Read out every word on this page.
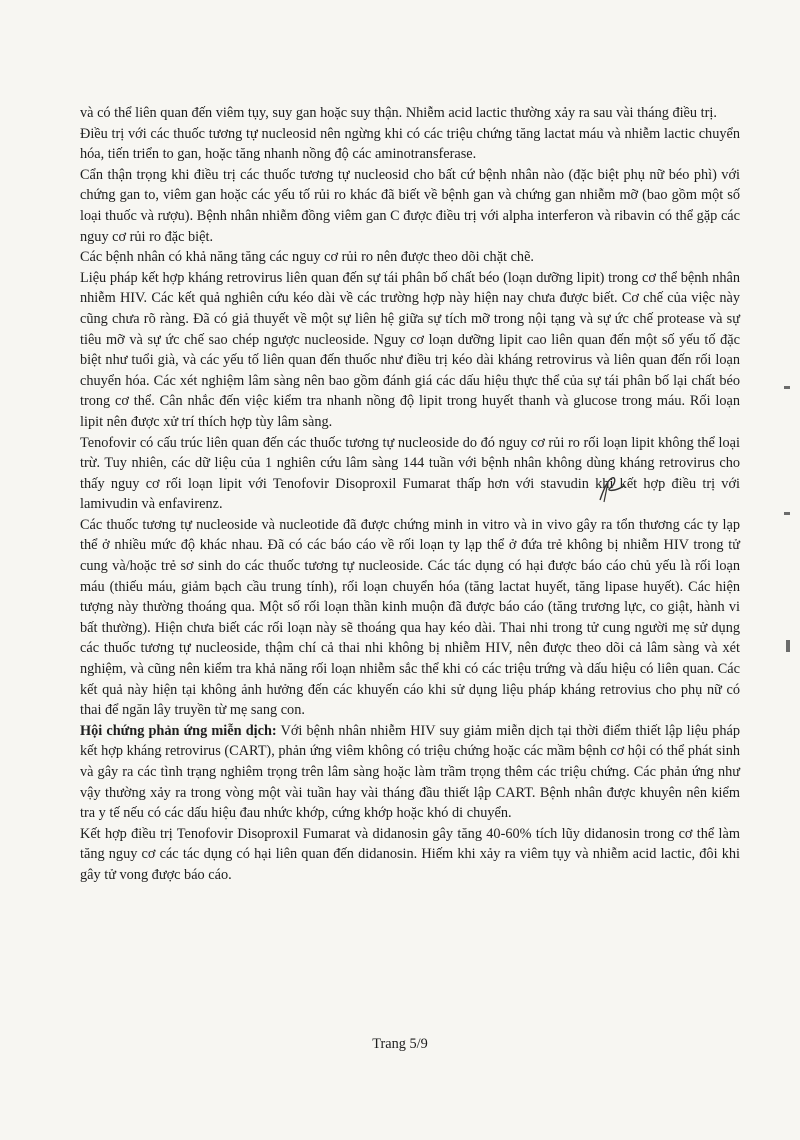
và có thể liên quan đến viêm tụy, suy gan hoặc suy thận. Nhiễm acid lactic thường xảy ra sau vài tháng điều trị.

Điều trị với các thuốc tương tự nucleosid nên ngừng khi có các triệu chứng tăng lactat máu và nhiễm lactic chuyển hóa, tiến triển to gan, hoặc tăng nhanh nồng độ các aminotransferase.

Cẩn thận trọng khi điều trị các thuốc tương tự nucleosid cho bất cứ bệnh nhân nào (đặc biệt phụ nữ béo phì) với chứng gan to, viêm gan hoặc các yếu tố rủi ro khác đã biết về bệnh gan và chứng gan nhiễm mỡ (bao gồm một số loại thuốc và rượu). Bệnh nhân nhiễm đồng viêm gan C được điều trị với alpha interferon và ribavin có thể gặp các nguy cơ rủi ro đặc biệt.

Các bệnh nhân có khả năng tăng các nguy cơ rủi ro nên được theo dõi chặt chẽ.

Liệu pháp kết hợp kháng retrovirus liên quan đến sự tái phân bố chất béo (loạn dưỡng lipit) trong cơ thể bệnh nhân nhiễm HIV. Các kết quả nghiên cứu kéo dài về các trường hợp này hiện nay chưa được biết. Cơ chế của việc này cũng chưa rõ ràng. Đã có giả thuyết về một sự liên hệ giữa sự tích mỡ trong nội tạng và sự ức chế protease và sự tiêu mỡ và sự ức chế sao chép ngược nucleoside. Nguy cơ loạn dưỡng lipit cao liên quan đến một số yếu tố đặc biệt như tuổi già, và các yếu tố liên quan đến thuốc như điều trị kéo dài kháng retrovirus và liên quan đến rối loạn chuyển hóa. Các xét nghiệm lâm sàng nên bao gồm đánh giá các dấu hiệu thực thể của sự tái phân bố lại chất béo trong cơ thể. Cân nhắc đến việc kiểm tra nhanh nồng độ lipit trong huyết thanh và glucose trong máu. Rối loạn lipit nên được xử trí thích hợp tùy lâm sàng.

Tenofovir có cấu trúc liên quan đến các thuốc tương tự nucleoside do đó nguy cơ rủi ro rối loạn lipit không thể loại trừ. Tuy nhiên, các dữ liệu của 1 nghiên cứu lâm sàng 144 tuần với bệnh nhân không dùng kháng retrovirus cho thấy nguy cơ rối loạn lipit với Tenofovir Disoproxil Fumarat thấp hơn với stavudin khi kết hợp điều trị với lamivudin và enfavirenz.

Các thuốc tương tự nucleoside và nucleotide đã được chứng minh in vitro và in vivo gây ra tổn thương các ty lạp thể ở nhiều mức độ khác nhau. Đã có các báo cáo về rối loạn ty lạp thể ở đứa trẻ không bị nhiễm HIV trong tử cung và/hoặc trẻ sơ sinh do các thuốc tương tự nucleoside. Các tác dụng có hại được báo cáo chủ yếu là rối loạn máu (thiếu máu, giảm bạch cầu trung tính), rối loạn chuyển hóa (tăng lactat huyết, tăng lipase huyết). Các hiện tượng này thường thoáng qua. Một số rối loạn thần kinh muộn đã được báo cáo (tăng trương lực, co giật, hành vi bất thường). Hiện chưa biết các rối loạn này sẽ thoáng qua hay kéo dài. Thai nhi trong tử cung người mẹ sử dụng các thuốc tương tự nucleoside, thậm chí cả thai nhi không bị nhiễm HIV, nên được theo dõi cả lâm sàng và xét nghiệm, và cũng nên kiểm tra khả năng rối loạn nhiễm sắc thể khi có các triệu trứng và dấu hiệu có liên quan. Các kết quả này hiện tại không ảnh hưởng đến các khuyến cáo khi sử dụng liệu pháp kháng retrovius cho phụ nữ có thai để ngăn lây truyền từ mẹ sang con.

Hội chứng phản ứng miễn dịch: Với bệnh nhân nhiễm HIV suy giảm miễn dịch tại thời điểm thiết lập liệu pháp kết hợp kháng retrovirus (CART), phản ứng viêm không có triệu chứng hoặc các mầm bệnh cơ hội có thể phát sinh và gây ra các tình trạng nghiêm trọng trên lâm sàng hoặc làm trầm trọng thêm các triệu chứng. Các phản ứng như vậy thường xảy ra trong vòng một vài tuần hay vài tháng đầu thiết lập CART. Bệnh nhân được khuyên nên kiểm tra y tế nếu có các dấu hiệu đau nhức khớp, cứng khớp hoặc khó di chuyển.

Kết hợp điều trị Tenofovir Disoproxil Fumarat và didanosin gây tăng 40-60% tích lũy didanosin trong cơ thể làm tăng nguy cơ các tác dụng có hại liên quan đến didanosin. Hiếm khi xảy ra viêm tụy và nhiễm acid lactic, đôi khi gây tử vong được báo cáo.

Trang 5/9
